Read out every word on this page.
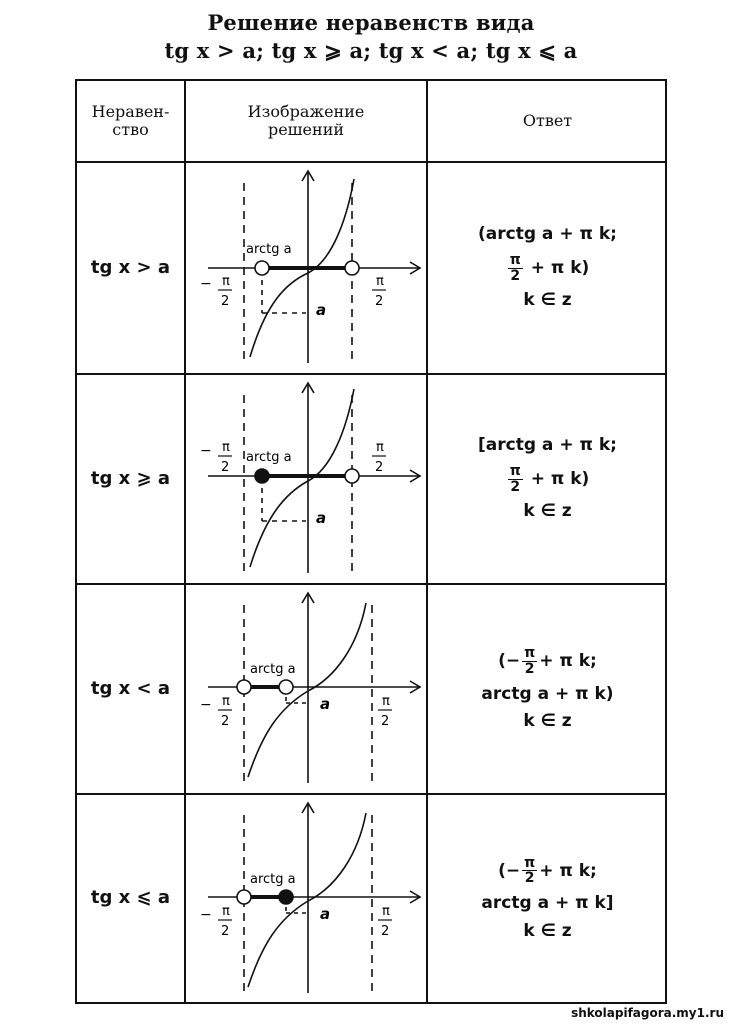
Решение неравенств вида
tg x > a; tg x ⩾ a; tg x < a; tg x ⩽ a
Неравен-
ство
Изображение
решений	Ответ
tg x > a
(arctg a + π k;
$\frac{\pi}{2} + \pi$ k)
k ∈ z
tg x ⩾ a
[arctg a + π k;
$\frac{\pi}{2} + \pi$ k)
k ∈ z
tg x < a
(− $\frac{\pi}{2} + \pi$ k;
arctg a + π k)
k ∈ z
tg x ⩽ a
(− $\frac{\pi}{2} + \pi$ k;
arctg a + π k]
k ∈ z
arctg a
a
− π
2
π
2
arctg a
a
− π
2
π
2
arctg a
a
− π
2
π
2
arctg a
a
− π
2
π
2
shkolapifagora.my1.ru
